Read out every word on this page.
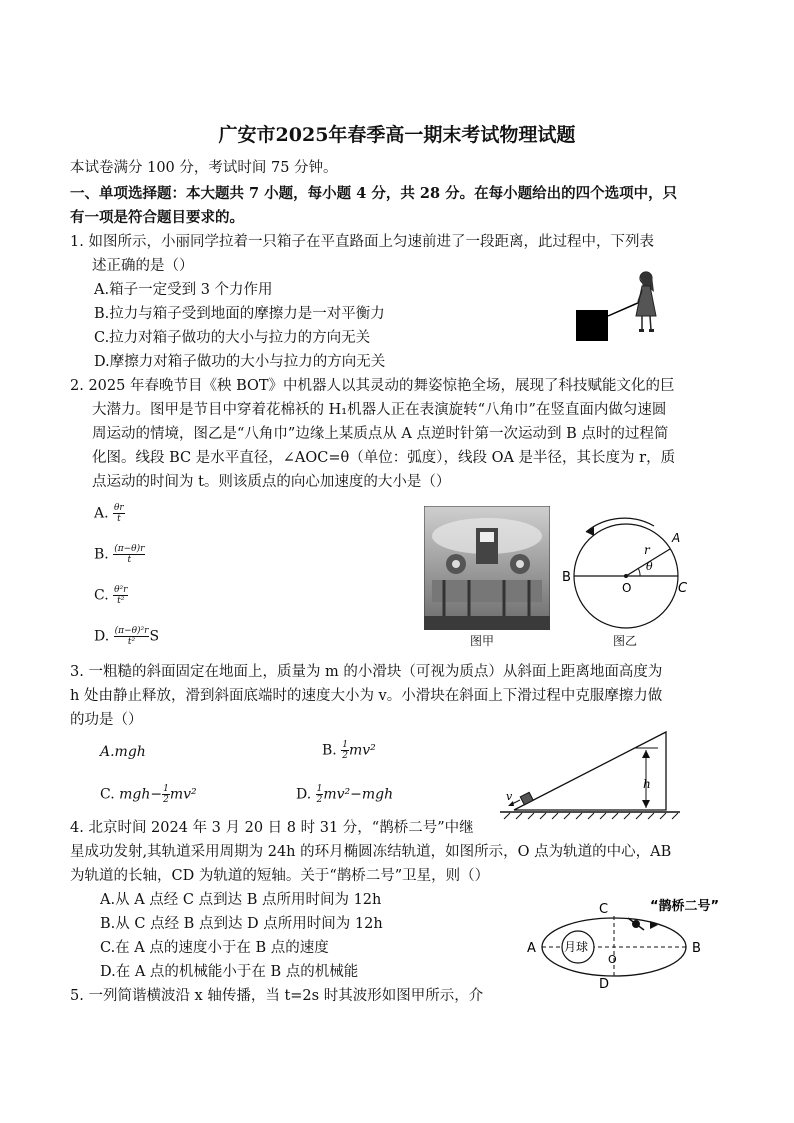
广安市2025年春季高一期末考试物理试题
本试卷满分 100 分，考试时间 75 分钟。
一、单项选择题：本大题共 7 小题，每小题 4 分，共 28 分。在每小题给出的四个选项中，只
有一项是符合题目要求的。
1. 如图所示，小丽同学拉着一只箱子在平直路面上匀速前进了一段距离，此过程中，下列表
述正确的是（）
A.箱子一定受到 3 个力作用
B.拉力与箱子受到地面的摩擦力是一对平衡力
C.拉力对箱子做功的大小与拉力的方向无关
D.摩擦力对箱子做功的大小与拉力的方向无关
2. 2025 年春晚节目《秧 BOT》中机器人以其灵动的舞姿惊艳全场，展现了科技赋能文化的巨
大潜力。图甲是节目中穿着花棉袄的 H₁机器人正在表演旋转“八角巾”在竖直面内做匀速圆
周运动的情境，图乙是“八角巾”边缘上某质点从 A 点逆时针第一次运动到 B 点时的过程简
化图。线段 BC 是水平直径，∠AOC=θ（单位：弧度），线段 OA 是半径，其长度为 r，质
点运动的时间为 t。则该质点的向心加速度的大小是（）
A. $\frac{\theta r}{t}$
B. $\frac{(\pi-\theta)r}{t}$
C. $\frac{\text{θ²r}}{\text{t²}}$
D. $\frac{\text{(π−θ)²r}}{\text{t²}}$ S	图甲
B
O
A
C
r
θ
图乙
3. 一粗糙的斜面固定在地面上，质量为 m 的小滑块（可视为质点）从斜面上距离地面高度为
h 处由静止释放，滑到斜面底端时的速度大小为 v。小滑块在斜面上下滑过程中克服摩擦力做
的功是（）
A.mgh	B. $\frac{1}{2} mv^2$
C. $mgh- \frac{1}{2} mv^2$	D. $\frac{1}{2} mv^2-mgh$	v
h
4. 北京时间 2024 年 3 月 20 日 8 时 31 分，“鹊桥二号”中继
星成功发射,其轨道采用周期为 24h 的环月椭圆冻结轨道，如图所示，O 点为轨道的中心，AB
为轨道的长轴，CD 为轨道的短轴。关于“鹊桥二号”卫星，则（）
A.从 A 点经 C 点到达 B 点所用时间为 12h
B.从 C 点经 B 点到达 D 点所用时间为 12h
C.在 A 点的速度小于在 B 点的速度
D.在 A 点的机械能小于在 B 点的机械能
月球
A	B
C
D
O
“鹊桥二号”
5. 一列简谐横波沿 x 轴传播，当 t=2s 时其波形如图甲所示，介
